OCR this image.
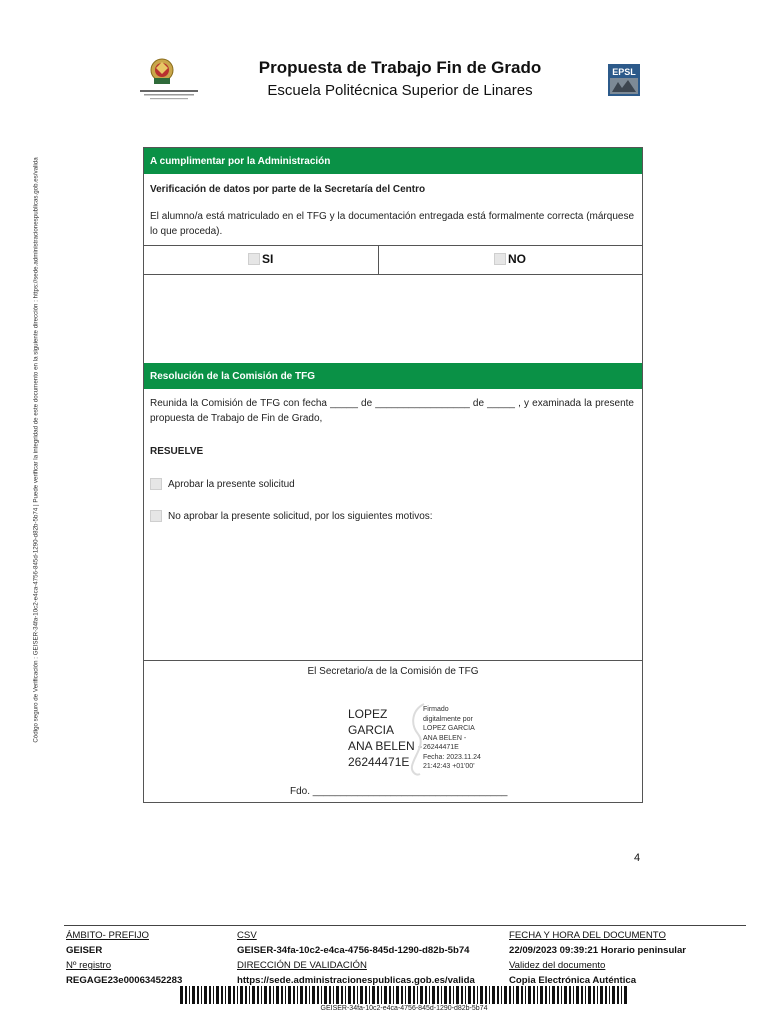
Código seguro de Verificación : GEISER-34fa-10c2-e4ca-4756-845d-1290-d82b-5b74 | Puede verificar la integridad de este documento en la siguiente dirección : https://sede.administracionespublicas.gob.es/valida
Propuesta de Trabajo Fin de Grado
Escuela Politécnica Superior de Linares
EPSL
A cumplimentar por la Administración
Verificación de datos por parte de la Secretaría del Centro
El alumno/a está matriculado en el TFG y la documentación entregada está formalmente correcta (márquese lo que proceda).
SI	NO
Resolución de la Comisión de TFG
Reunida la Comisión de TFG con fecha _____ de _________________ de _____ , y examinada la presente propuesta de Trabajo de Fin de Grado,
RESUELVE
Aprobar la presente solicitud
No aprobar la presente solicitud, por los siguientes motivos:
El Secretario/a de la Comisión de TFG
LOPEZ
GARCIA
ANA BELEN -
26244471E
Firmado
digitalmente por
LOPEZ GARCIA
ANA BELEN -
26244471E
Fecha: 2023.11.24
21:42:43 +01'00'
Fdo. ___________________________________
4
ÁMBITO- PREFIJO
GEISER
Nº registro
REGAGE23e00063452283
CSV
GEISER-34fa-10c2-e4ca-4756-845d-1290-d82b-5b74
DIRECCIÓN DE VALIDACIÓN
https://sede.administracionespublicas.gob.es/valida
FECHA Y HORA DEL DOCUMENTO
22/09/2023 09:39:21 Horario peninsular
Validez del documento
Copia Electrónica Auténtica
GEISER-34fa-10c2-e4ca-4756-845d-1290-d82b-5b74
